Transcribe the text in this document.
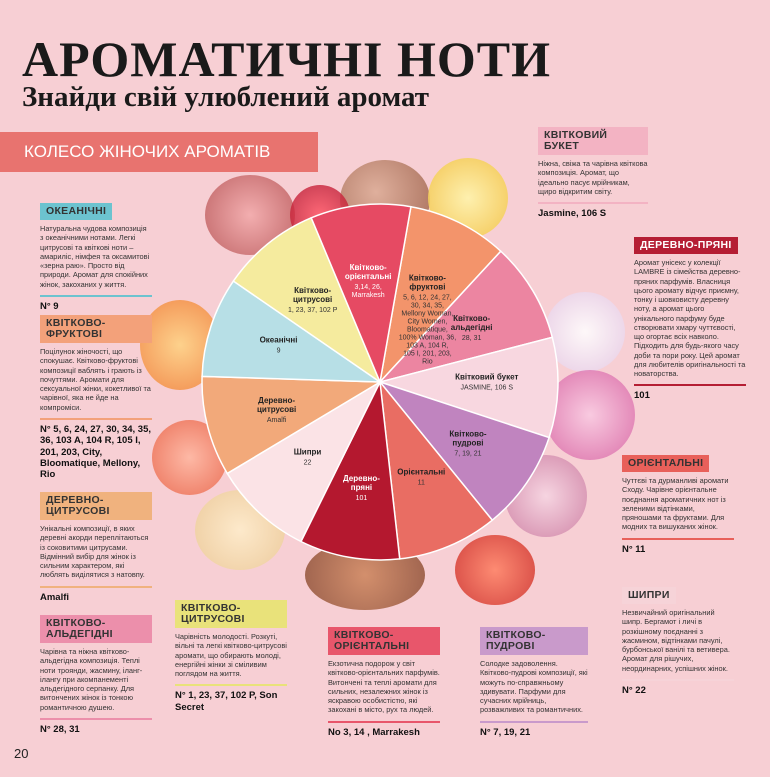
АРОМАТИЧНІ НОТИ
Знайди свій улюблений аромат
КОЛЕСО ЖІНОЧИХ АРОМАТІВ
Квітково-фруктові
5, 6, 12, 24, 27, 30, 34, 35, Mellony Woman, City Women, Bloomatique, 100% Woman, 36, 103 A, 104 R, 105 I, 201, 203, Rio
Квітково-альдегідні
28, 31
Квітковий букет
JASMINE, 106 S
Квітково-пудрові
7, 19, 21
Орієнтальні
11
Деревно-пряні
101
Шипри
22
Деревно-цитрусові
Amalfi
Океанічні
9
Квітково-цитрусові
1, 23, 37, 102 P
Квітково-орієнтальні
3,14, 26, Marrakesh
ОКЕАНІЧНІ
Натуральна чудова композиція з океанічними нотами. Легкі цитрусові та квіткові ноти – амариліс, німфея та оксамитові «зерна раю». Просто від природи. Аромат для спокійних жінок, закоханих у життя.
N° 9
КВІТКОВО-ФРУКТОВІ
Поцілунок жіночості, що спокушає. Квітково-фруктові композиції ваблять і грають із почуттями. Аромати для сексуальної жінки, кокетливої та чарівної, яка не йде на компроміси.
N° 5, 6, 24, 27, 30, 34, 35, 36, 103 A, 104 R, 105 I, 201, 203, City, Bloomatique, Mellony, Rio
ДЕРЕВНО-ЦИТРУСОВІ
Унікальні композиції, в яких деревні акорди переплітаються із соковитими цитрусами. Відмінний вибір для жінок із сильним характером, які люблять виділятися з натовпу.
Amalfi
КВІТКОВО-АЛЬДЕГІДНІ
Чарівна та ніжна квітково-альдегідна композиція. Теплі ноти троянди, жасмину, іланг-ілангу при акомпанементі альдегідного серпанку. Для витончених жінок із тонкою романтичною душею.
N° 28, 31
КВІТКОВО-ЦИТРУСОВІ
Чарівність молодості. Розкуті, вільні та легкі квітково-цитрусові аромати, що обирають молоді, енергійні жінки зі сміливим поглядом на життя.
N° 1, 23, 37, 102 P, Son Secret
КВІТКОВО-ОРІЄНТАЛЬНІ
Екзотична подорож у світ квітково-орієнтальних парфумів. Витончені та теплі аромати для сильних, незалежних жінок із яскравою особистістю, які закохані в місто, рух та людей.
No 3, 14 , Marrakesh
КВІТКОВО-ПУДРОВІ
Солодке задоволення. Квітково-пудрові композиції, які можуть по-справжньому здивувати. Парфуми для сучасних мрійниць, розважливих та романтичних.
N° 7, 19, 21
КВІТКОВИЙ БУКЕТ
Ніжна, свіжа та чарівна квіткова композиція. Аромат, що ідеально пасує мрійникам, щиро відкритим світу.
Jasmine, 106 S
ДЕРЕВНО-ПРЯНІ
Аромат унісекс у колекції LAMBRE із сімейства деревно-пряних парфумів. Власниця цього аромату відчує приємну, тонку і шовковисту деревну ноту, а аромат цього унікального парфуму буде створювати хмару чуттєвості, що огортає всіх навколо. Підходить для будь-якого часу доби та пори року. Цей аромат для любителів оригінальності та новаторства.
101
ОРІЄНТАЛЬНІ
Чуттєві та дурманливі аромати Сходу. Чарівне орієнтальне поєднання ароматичних нот із зеленими відтінками, пряношами та фруктами. Для модних та вишуканих жінок.
N° 11
ШИПРИ
Незвичайний оригінальний шипр. Бергамот і личі в розкішному поєднанні з жасмином, відтінками пачулі, бурбонської ванілі та ветивера. Аромат для рішучих, неординарних, успішних жінок.
N° 22
20
